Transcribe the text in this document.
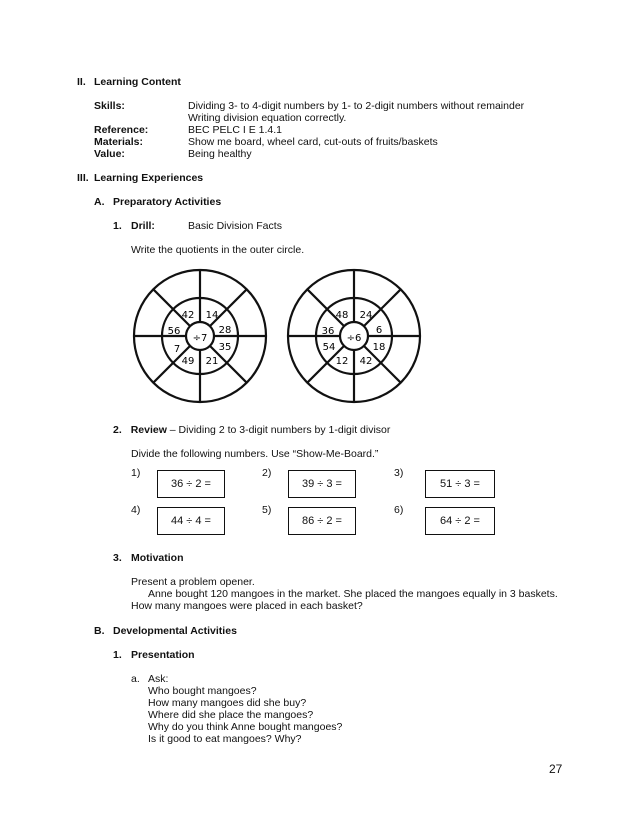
II. Learning Content
Skills:	Dividing 3- to 4-digit numbers by 1- to 2-digit numbers without remainder
Writing division equation correctly.
Reference:	BEC PELC I E 1.4.1
Materials:	Show me board, wheel card, cut-outs of fruits/baskets
Value:	Being healthy
III. Learning Experiences
A. Preparatory Activities
1. Drill:	Basic Division Facts
Write the quotients in the outer circle.
÷7
42 14
28
35
21
49
7
56
÷6
48 24
6
18
42
12
54
36
2. Review – Dividing 2 to 3-digit numbers by 1-digit divisor
Divide the following numbers. Use “Show-Me-Board.”
1)
36 ÷ 2 =
2)
39 ÷ 3 =
3)
51 ÷ 3 =
4)
44 ÷ 4 =
5)
86 ÷ 2 =
6)
64 ÷ 2 =
3. Motivation
Present a problem opener.
Anne bought 120 mangoes in the market. She placed the mangoes equally in 3 baskets.
How many mangoes were placed in each basket?
B. Developmental Activities
1. Presentation
a. Ask:
Who bought mangoes?
How many mangoes did she buy?
Where did she place the mangoes?
Why do you think Anne bought mangoes?
Is it good to eat mangoes? Why?
27
